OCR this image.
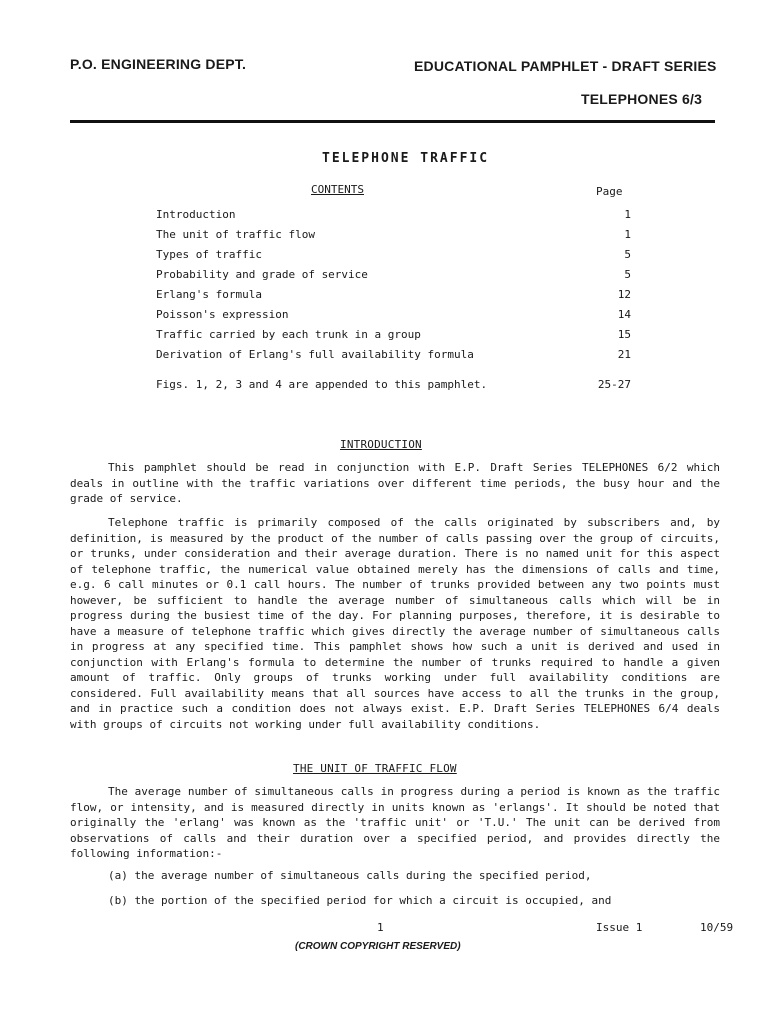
P.O. ENGINEERING DEPT.	EDUCATIONAL PAMPHLET - DRAFT SERIES
TELEPHONES 6/3
TELEPHONE TRAFFIC
CONTENTS	Page
Introduction	1
The unit of traffic flow	1
Types of traffic	5
Probability and grade of service	5
Erlang's formula	12
Poisson's expression	14
Traffic carried by each trunk in a group	15
Derivation of Erlang's full availability formula	21
Figs. 1, 2, 3 and 4 are appended to this pamphlet.	25-27
INTRODUCTION

This pamphlet should be read in conjunction with E.P. Draft Series TELEPHONES 6/2 which deals in outline with the traffic variations over different time periods, the busy hour and the grade of service.

Telephone traffic is primarily composed of the calls originated by subscribers and, by definition, is measured by the product of the number of calls passing over the group of circuits, or trunks, under consideration and their average duration. There is no named unit for this aspect of telephone traffic, the numerical value obtained merely has the dimensions of calls and time, e.g. 6 call minutes or 0.1 call hours. The number of trunks provided between any two points must however, be sufficient to handle the average number of simultaneous calls which will be in progress during the busiest time of the day. For planning purposes, therefore, it is desirable to have a measure of telephone traffic which gives directly the average number of simultaneous calls in progress at any specified time. This pamphlet shows how such a unit is derived and used in conjunction with Erlang's formula to determine the number of trunks required to handle a given amount of traffic. Only groups of trunks working under full availability conditions are considered. Full availability means that all sources have access to all the trunks in the group, and in practice such a condition does not always exist. E.P. Draft Series TELEPHONES 6/4 deals with groups of circuits not working under full availability conditions.

THE UNIT OF TRAFFIC FLOW

The average number of simultaneous calls in progress during a period is known as the traffic flow, or intensity, and is measured directly in units known as 'erlangs'. It should be noted that originally the 'erlang' was known as the 'traffic unit' or 'T.U.' The unit can be derived from observations of calls and their duration over a specified period, and provides directly the following information:-

(a) the average number of simultaneous calls during the specified period,
(b) the portion of the specified period for which a circuit is occupied, and
1	Issue 1	10/59
(CROWN COPYRIGHT RESERVED)
